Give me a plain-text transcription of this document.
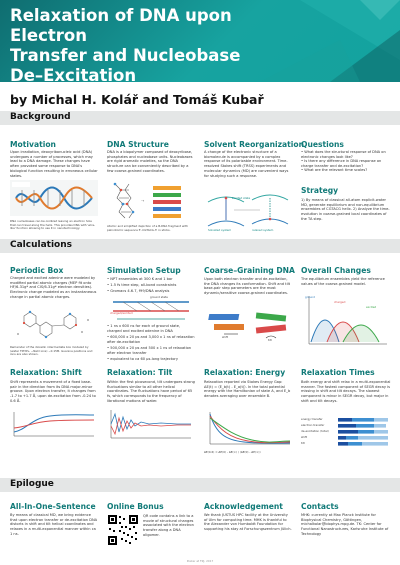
Relaxation of DNA upon Electron
Transfer and Nucleobase
De–Excitation
by Michal H. Kolář and Tomáš Kubař
Background
Motivation
Upon irradiation, deoxyribonucleic acid (DNA) undergoes a number of processes, which may lead to a DNA damage. These changes have often provoked some response to DNA's biological function resulting in erroneous cellular states.
DNA nucleobases can be oxidized leaving an electron hole that can travel along the helix. This provides DNA with 'wire-like' function allowing to use it in nanotechnology.
DNA Structure
DNA is a biopolymer composed of deoxyribose, phosphates and nucleobase units. Nucleobases are rigid aromatic moieties, so the DNA structure can be conveniently described by a few coarse-grained coordinates.
→
Atomic and simplified depiction of a B-DNA fragment with palindromic sequence 5'-CGTACG-3' in sticks.
Solvent Reorganization
A change of the electronic structure of a biomolecule is accompanied by a complex response of its polarizable environment. Time-resolved Stokes shift (TRSS) experiments and molecular dynamics (MD) are convenient ways for studying such a response.
Excited state
Solvated system	relaxed system
Questions
• What does the structural response of DNA on electronic changes look like?
• Is there any difference in DNA response on charge transfer and de-excitation?
• What are the relevant time scales?
Strategy
1) By means of classical all-atom explicit-water MD, generate equilibrium and non-equilibrium ensembles of CGTACG helix. 2) Analyze the time-evolution in coarse-grained local coordinates of the TA step.
Calculations
Periodic Box
Charged and excited adenine were modeled by modified partial atomic charges (MEP fit onto HF/6-31g* and CIS/6-31g* electron densities). Electronic change modeled as an instantaneous change in partial atomic charges.
Remainder of the dioxetin intermediate box modeled by (water TIP3P+ ~NaCl ions) ~0.15M. Guanine positions and ions are also shown.
Simulation Setup
• NPT ensembles at 300 K and 1 bar
• 1.5 fs time step, all-bond constraints
• Gromacs 4.6.7, f99/DNA analysis
ground state
charged/excited
• 1 ns x 600 ns for each of ground state, charged and excited adenine in DNA
• 600,000 x 20 ps and 3,000 x 1 ns of relaxation after de-excitation
• 500,000 x 20 ps and 500 x 1 ns of relaxation after electron transfer
• equivalent to ca 60 µs-long trajectory
Coarse–Graining DNA
Upon both electron transfer and de-excitation, the DNA changes its conformation. Shift and tilt base-pair step parameters are the most dynamic/sensitive coarse-grained coordinates.
shift
tilt
Overall Changes
The equilibrium ensembles yield the reference values of the coarse-grained model.
ground
charged
excited
Relaxation: Shift
Shift represents a movement of a fixed base-pair in the direction from its DNA major-minor groove. Upon electron transfer, it changes from -1.7 to +1.7 Å, upon de-excitation from -0.24 to 0.6 Å.
Relaxation: Tilt
Within the first picosecond, tilt undergoes strong fluctuations similar to all other helical coordinates. The fluctuations have period of 65 fs, which corresponds to the frequency of librational motions of water.
Relaxation: Energy
Relaxation reported via Stokes Energy Gap: ΔE(t) = ⟨E_b(t) - E_a(t)⟩. In the total potential energy with the Hamiltonian of state A, and E_b denotes averaging over ensemble B.
ΔE(0.6) = ΔE(0) - ΔE(∞) / (ΔE(0) - ΔE(∞))
Relaxation Times
Both energy and shift relax in a multi-exponential manner. The fastest component of SEGR decay is missing in shift and tilt decays. The slowest component is minor in SEGR decay, but major in shift and tilt decays.
energy transfer
electron transfer
de-excitation (total)
shift
tilt
Epilogue
All-In-One-Sentence
By means of classical MD, we bring evidence that upon electron transfer or de-excitation DNA distorts in shift and tilt helical coordinates and relaxes in a multi-exponential manner within ca 1 ns.
Online Bonus
QR code contains a link to a movie of structural changes associated with the electron transfer along a DNA oligomer.
Acknowledgement
We thank JUSTUS HPC facility at the University of Ulm for computing time. MHK is thankful to the Alexander von Humboldt Foundation for supporting his stay at Forschungszentrum Jülich.
Contacts
MHK: currently at Max Planck Institute for Biophysical Chemistry, Göttingen, michalkolar@biophys.mpg.de. TK: Center for Functional Nanostructures, Karlsruhe Institute of Technology
Poster at FZJ, 2017
